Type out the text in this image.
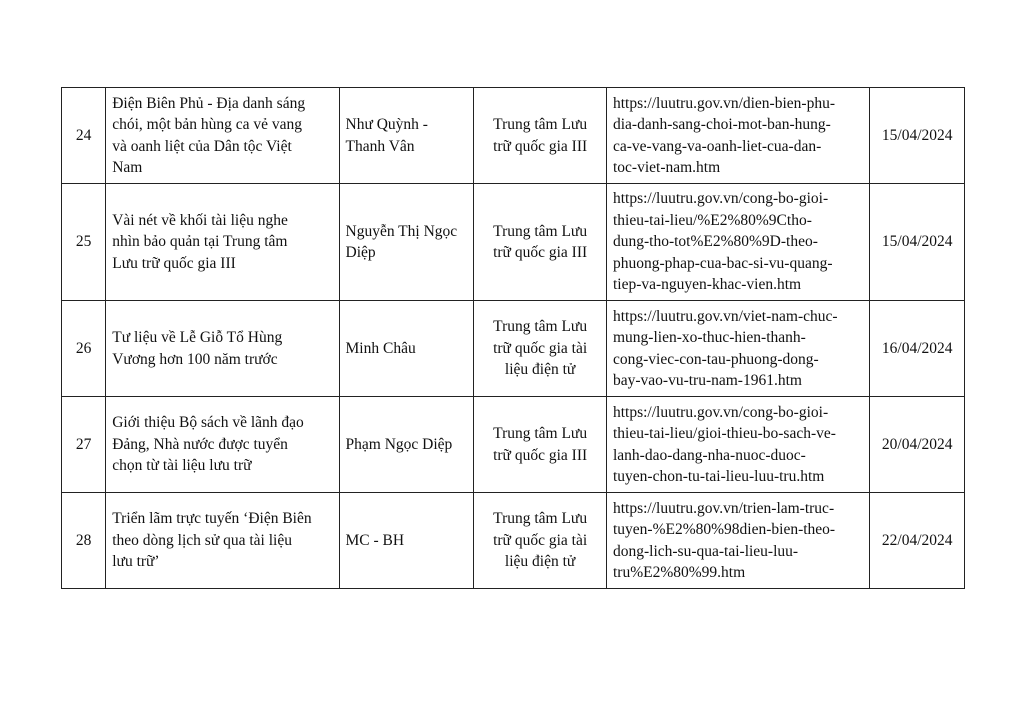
24	Điện Biên Phủ - Địa danh sáng
chói, một bản hùng ca vẻ vang
và oanh liệt của Dân tộc Việt
Nam	Như Quỳnh -
Thanh Vân	Trung tâm Lưu
trữ quốc gia III	https://luutru.gov.vn/dien-bien-phu-
dia-danh-sang-choi-mot-ban-hung-
ca-ve-vang-va-oanh-liet-cua-dan-
toc-viet-nam.htm	15/04/2024
25	Vài nét về khối tài liệu nghe
nhìn bảo quản tại Trung tâm
Lưu trữ quốc gia III	Nguyễn Thị Ngọc
Diệp	Trung tâm Lưu
trữ quốc gia III	https://luutru.gov.vn/cong-bo-gioi-
thieu-tai-lieu/%E2%80%9Ctho-
dung-tho-tot%E2%80%9D-theo-
phuong-phap-cua-bac-si-vu-quang-
tiep-va-nguyen-khac-vien.htm	15/04/2024
26	Tư liệu về Lễ Giỗ Tổ Hùng
Vương hơn 100 năm trước	Minh Châu	Trung tâm Lưu
trữ quốc gia tài
liệu điện tử	https://luutru.gov.vn/viet-nam-chuc-
mung-lien-xo-thuc-hien-thanh-
cong-viec-con-tau-phuong-dong-
bay-vao-vu-tru-nam-1961.htm	16/04/2024
27	Giới thiệu Bộ sách về lãnh đạo
Đảng, Nhà nước được tuyển
chọn từ tài liệu lưu trữ	Phạm Ngọc Diệp	Trung tâm Lưu
trữ quốc gia III	https://luutru.gov.vn/cong-bo-gioi-
thieu-tai-lieu/gioi-thieu-bo-sach-ve-
lanh-dao-dang-nha-nuoc-duoc-
tuyen-chon-tu-tai-lieu-luu-tru.htm	20/04/2024
28	Triển lãm trực tuyến ‘Điện Biên
theo dòng lịch sử qua tài liệu
lưu trữ’	MC - BH	Trung tâm Lưu
trữ quốc gia tài
liệu điện tử	https://luutru.gov.vn/trien-lam-truc-
tuyen-%E2%80%98dien-bien-theo-
dong-lich-su-qua-tai-lieu-luu-
tru%E2%80%99.htm	22/04/2024
